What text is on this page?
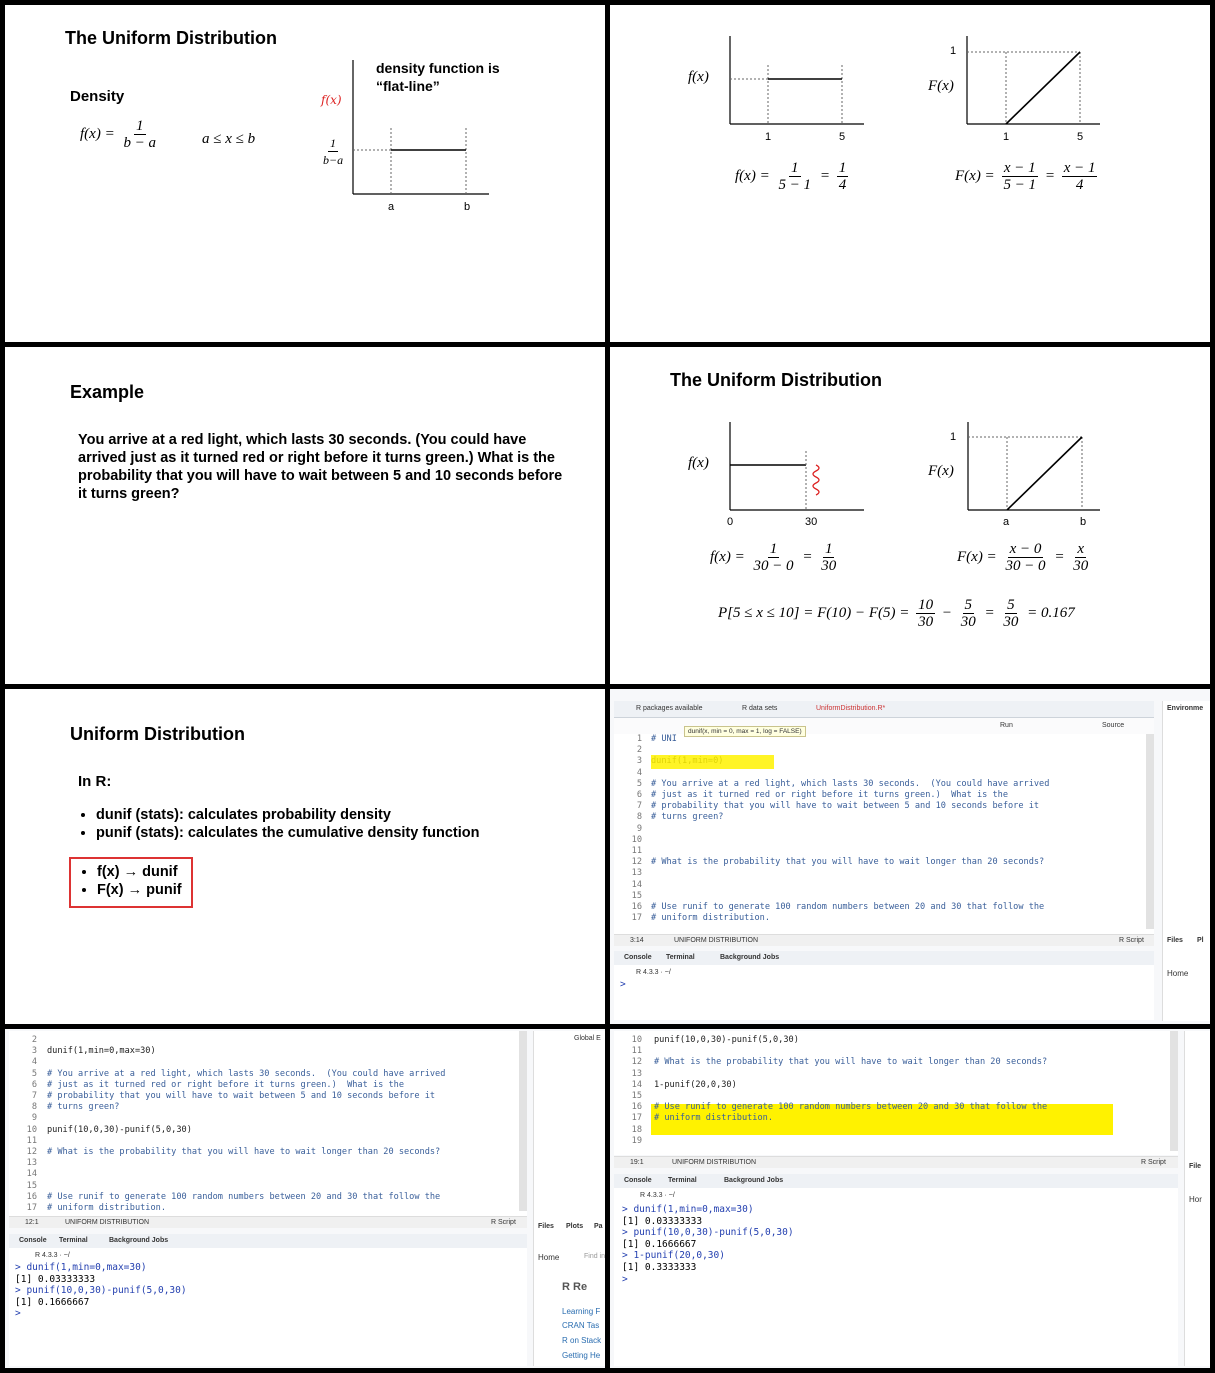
The Uniform Distribution
Density
$f(x) = \frac{1}{b - a}$	a ≤ x ≤ b
density function is “flat-line”
f(x)
$\frac{1}{b-a}$
a	b
f(x)
F(x)
1
1	5	1	5
$f(x) = \frac{1}{5 - 1} = \frac{1}{4}$	$F(x) = \frac{x - 1}{5 - 1} = \frac{x - 1}{4}$
Example
You arrive at a red light, which lasts 30 seconds. (You could have arrived just as it turned red or right before it turns green.) What is the probability that you will have to wait between 5 and 10 seconds before it turns green?
The Uniform Distribution
f(x)	F(x)
1
0	30	a	b
$f(x) = \frac{1}{30 - 0} = \frac{1}{30}$	$F(x) = \frac{x - 0}{30 - 0} = \frac{x}{30}$
$P[5 \le x \le 10] = F(10) - F(5) = \frac{10}{30} - \frac{5}{30} = \frac{5}{30} = 0.167$
Uniform Distribution
In R:
• dunif (stats): calculates probability density
• punif (stats): calculates the cumulative density function
• f(x) → dunif
• F(x) → punif
R packages available	R data sets	UniformDistribution.R*
Run	Source
1
2
3
4
5
6
7
8
9
10
11
12
13
14
15
16
17
# UNI
# You arrive at a red light, which lasts 30 seconds.  (You could have arrived
# just as it turned red or right before it turns green.)  What is the
# probability that you will have to wait between 5 and 10 seconds before it
# turns green?
# What is the probability that you will have to wait longer than 20 seconds?
# Use runif to generate 100 random numbers between 20 and 30 that follow the
# uniform distribution.
dunif(x, min = 0, max = 1, log = FALSE)
3:14	UNIFORM DISTRIBUTION	R Script
Console Terminal	Background Jobs
R 4.3.3 · ~/
>
Environme
Files Pl
Home
2
3
4
5
6
7
8
9
10
11
12
13
14
15
16
17
dunif(1,min=0,max=30)
# You arrive at a red light, which lasts 30 seconds.  (You could have arrived
# just as it turned red or right before it turns green.)  What is the
# probability that you will have to wait between 5 and 10 seconds before it
# turns green?
punif(10,0,30)-punif(5,0,30)
# What is the probability that you will have to wait longer than 20 seconds?
# Use runif to generate 100 random numbers between 20 and 30 that follow the
# uniform distribution.
12:1	UNIFORM DISTRIBUTION	R Script
Console Terminal	Background Jobs
R 4.3.3 · ~/
> dunif(1,min=0,max=30)
[1] 0.03333333
> punif(10,0,30)-punif(5,0,30)
[1] 0.1666667
>
Global E
Files Plots Pa
Home	Find in
R Re
Learning F
CRAN Tas
R on Stack
Getting He
10
11
12
13
14
15
16
17
18
19
punif(10,0,30)-punif(5,0,30)
# What is the probability that you will have to wait longer than 20 seconds?
1-punif(20,0,30)
# Use runif to generate 100 random numbers between 20 and 30 that follow the
# uniform distribution.
19:1	UNIFORM DISTRIBUTION	R Script
Console Terminal	Background Jobs
R 4.3.3 · ~/
> dunif(1,min=0,max=30)
[1] 0.03333333
> punif(10,0,30)-punif(5,0,30)
[1] 0.1666667
> 1-punif(20,0,30)
[1] 0.3333333
>
File
Hor
